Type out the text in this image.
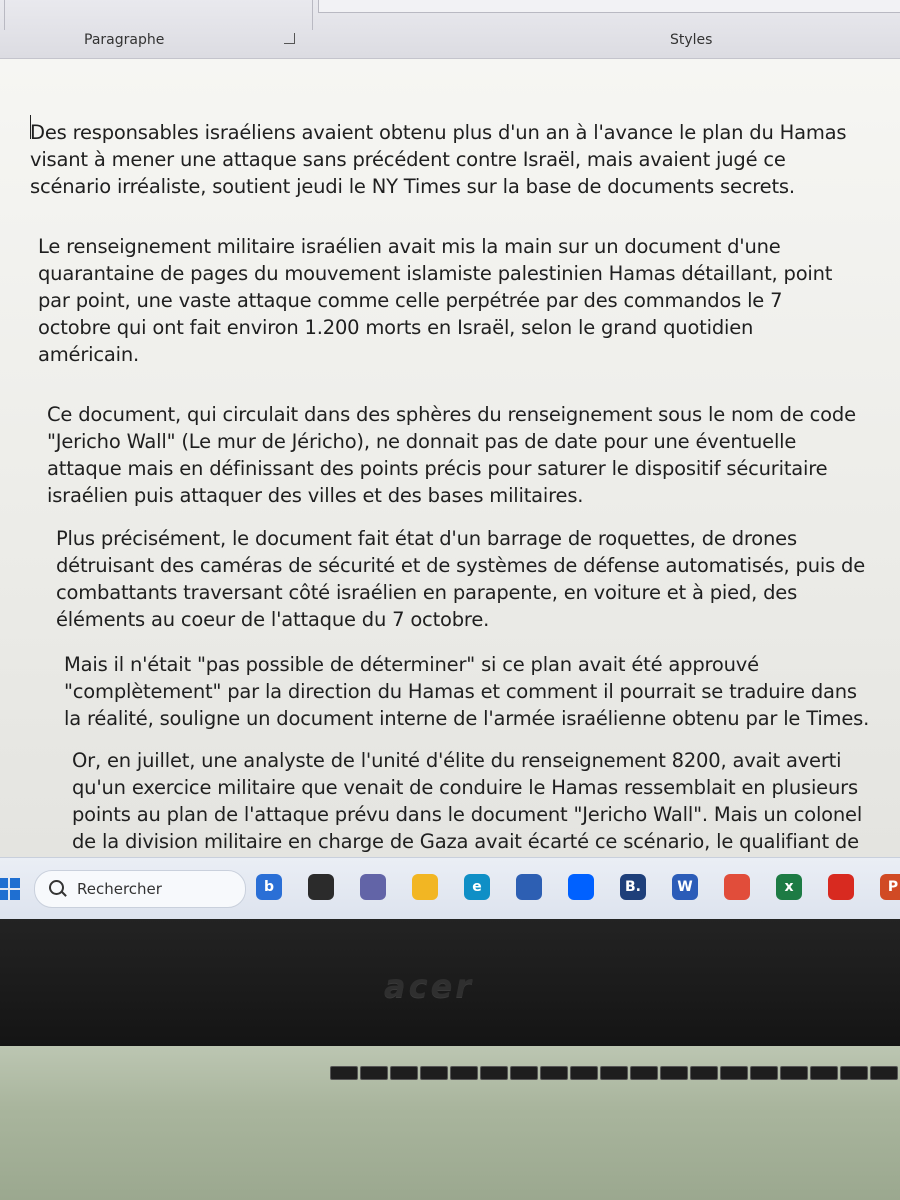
Paragraphe	Styles
Des responsables israéliens avaient obtenu plus d'un an à l'avance le plan du Hamas
visant à mener une attaque sans précédent contre Israël, mais avaient jugé ce
scénario irréaliste, soutient jeudi le NY Times sur la base de documents secrets.
Le renseignement militaire israélien avait mis la main sur un document d'une
quarantaine de pages du mouvement islamiste palestinien Hamas détaillant, point
par point, une vaste attaque comme celle perpétrée par des commandos le 7
octobre qui ont fait environ 1.200 morts en Israël, selon le grand quotidien
américain.
Ce document, qui circulait dans des sphères du renseignement sous le nom de code
"Jericho Wall" (Le mur de Jéricho), ne donnait pas de date pour une éventuelle
attaque mais en définissant des points précis pour saturer le dispositif sécuritaire
israélien puis attaquer des villes et des bases militaires.
Plus précisément, le document fait état d'un barrage de roquettes, de drones
détruisant des caméras de sécurité et de systèmes de défense automatisés, puis de
combattants traversant côté israélien en parapente, en voiture et à pied, des
éléments au coeur de l'attaque du 7 octobre.
Mais il n'était "pas possible de déterminer" si ce plan avait été approuvé
"complètement" par la direction du Hamas et comment il pourrait se traduire dans
la réalité, souligne un document interne de l'armée israélienne obtenu par le Times.
Or, en juillet, une analyste de l'unité d'élite du renseignement 8200, avait averti
qu'un exercice militaire que venait de conduire le Hamas ressemblait en plusieurs
points au plan de l'attaque prévu dans le document "Jericho Wall". Mais un colonel
de la division militaire en charge de Gaza avait écarté ce scénario, le qualifiant de
Rechercher	b	e	B.	W	x	P
acer
